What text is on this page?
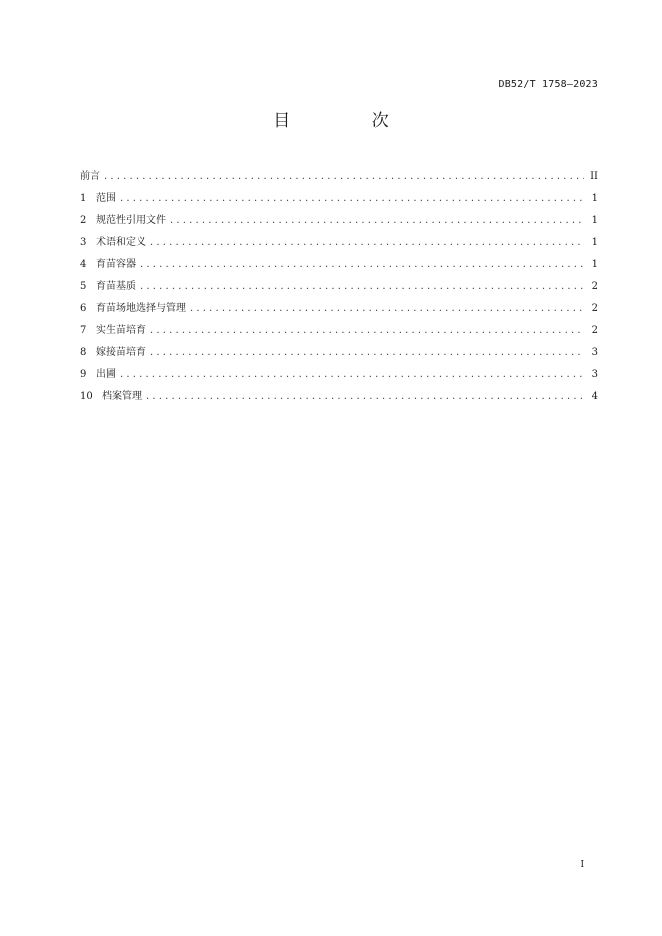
DB52/T 1758—2023
目 次
前言 .....	II
1 范围 .....	1
2 规范性引用文件 .....	1
3 术语和定义 .....	1
4 育苗容器 .....	1
5 育苗基质 .....	2
6 育苗场地选择与管理 .....	2
7 实生苗培育 .....	2
8 嫁接苗培育 .....	3
9 出圃 .....	3
10 档案管理 .....	4
I
